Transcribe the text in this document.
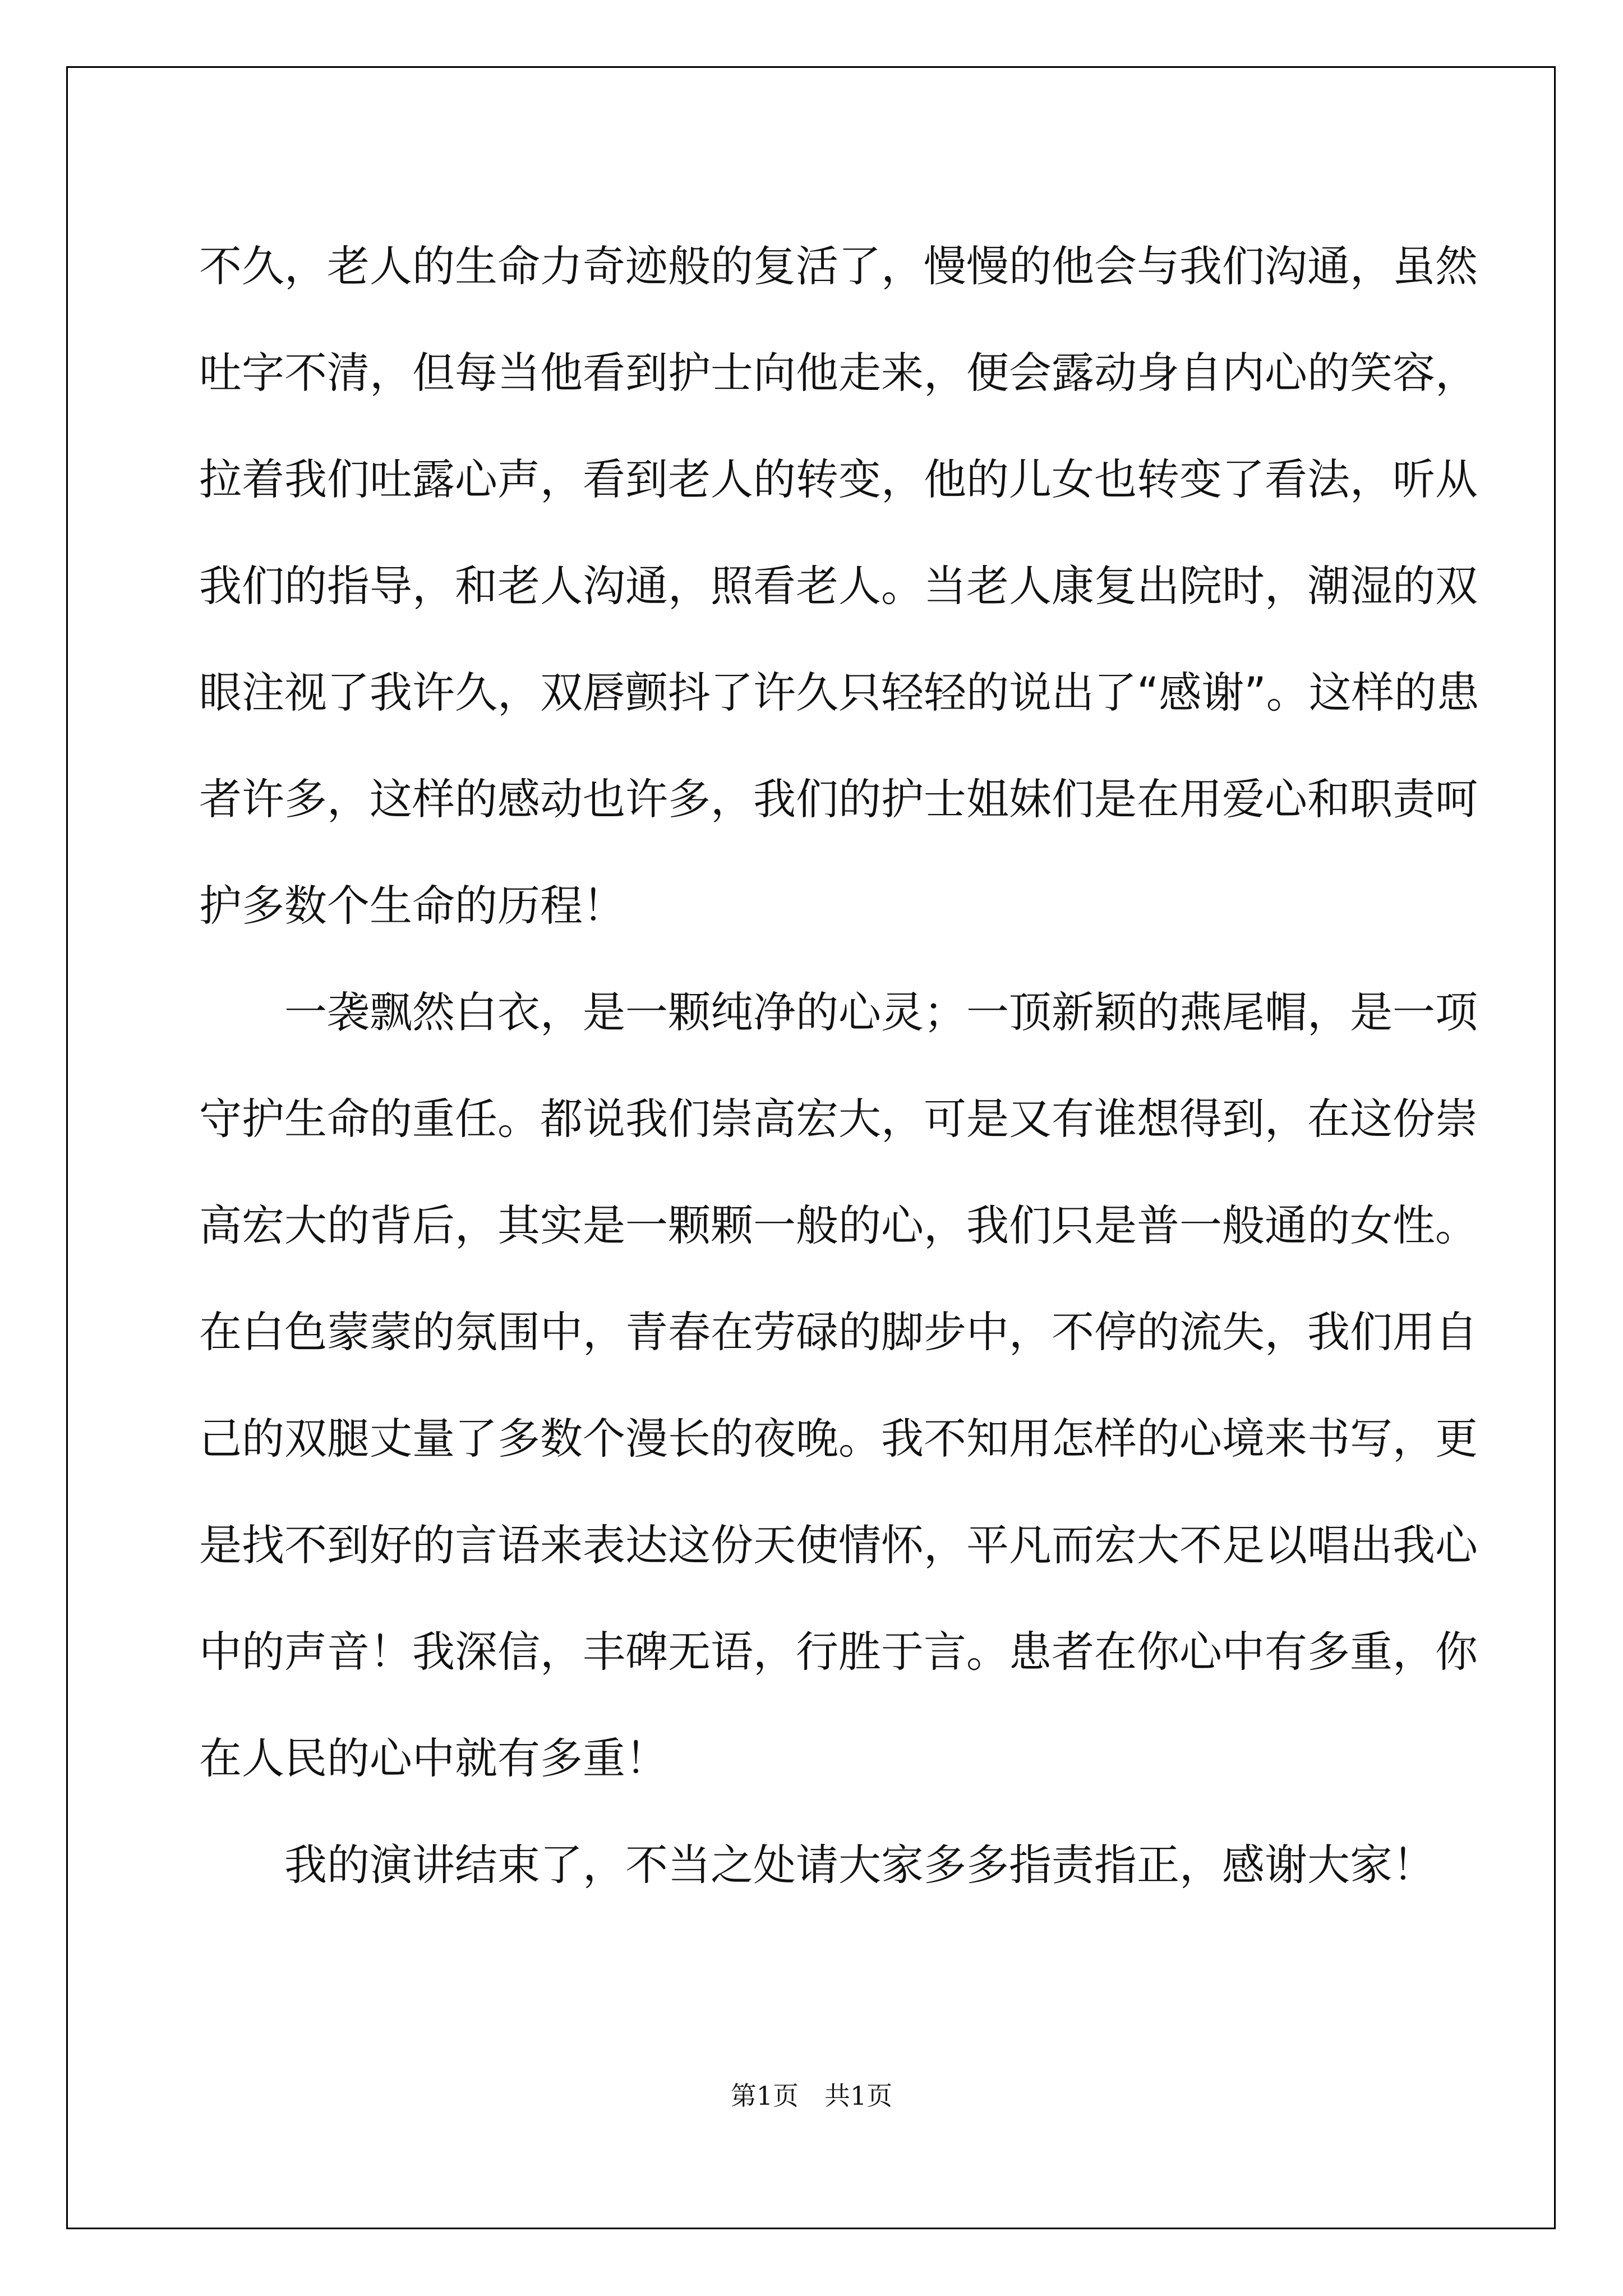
不久，老人的生命力奇迹般的复活了，慢慢的他会与我们沟通，虽然
吐字不清，但每当他看到护士向他走来，便会露动身自内心的笑容，
拉着我们吐露心声，看到老人的转变，他的儿女也转变了看法，听从
我们的指导，和老人沟通，照看老人。当老人康复出院时，潮湿的双
眼注视了我许久，双唇颤抖了许久只轻轻的说出了“感谢”。这样的患
者许多，这样的感动也许多，我们的护士姐妹们是在用爱心和职责呵
护多数个生命的历程！
一袭飘然白衣，是一颗纯净的心灵；一顶新颖的燕尾帽，是一项
守护生命的重任。都说我们崇高宏大，可是又有谁想得到，在这份崇
高宏大的背后，其实是一颗颗一般的心，我们只是普一般通的女性。
在白色蒙蒙的氛围中，青春在劳碌的脚步中，不停的流失，我们用自
己的双腿丈量了多数个漫长的夜晚。我不知用怎样的心境来书写，更
是找不到好的言语来表达这份天使情怀，平凡而宏大不足以唱出我心
中的声音！我深信，丰碑无语，行胜于言。患者在你心中有多重，你
在人民的心中就有多重！
我的演讲结束了，不当之处请大家多多指责指正，感谢大家！
第1页　共1页
